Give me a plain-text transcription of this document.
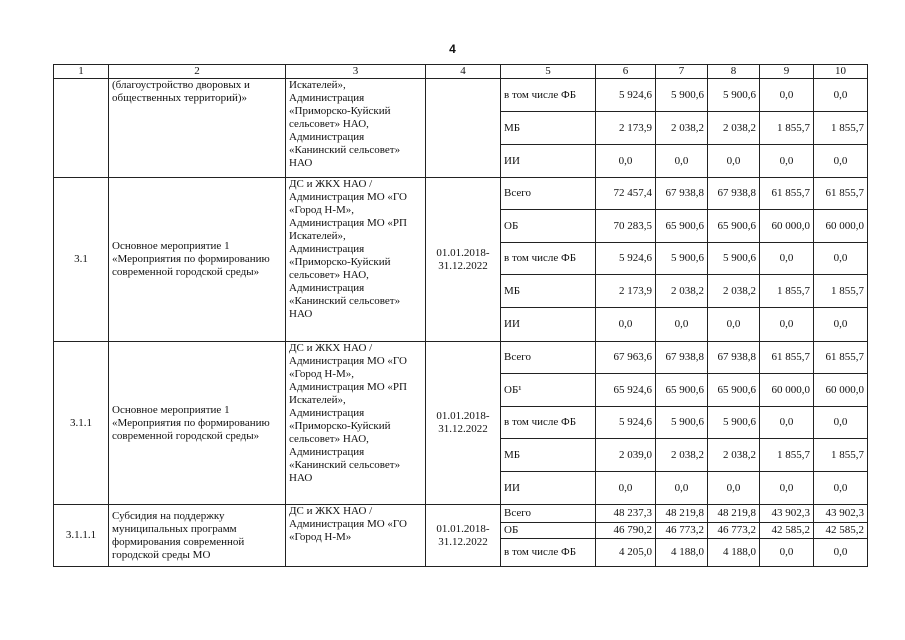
4
1	2	3	4	5	6	7	8	9	10
	(благоустройство дворовых и общественных территорий)»	Искателей», Администрация «Приморско-Куйский сельсовет» НАО, Администрация «Канинский сельсовет» НАО		в том числе ФБ	5 924,6	5 900,6	5 900,6	0,0	0,0
				МБ	2 173,9	2 038,2	2 038,2	1 855,7	1 855,7
				ИИ	0,0	0,0	0,0	0,0	0,0
3.1	Основное мероприятие 1 «Мероприятия по формированию современной городской среды»	ДС и ЖКХ НАО / Администрация МО «ГО «Город Н-М», Администрация МО «РП Искателей», Администрация «Приморско-Куйский сельсовет» НАО, Администрация «Канинский сельсовет» НАО	01.01.2018-31.12.2022	Всего	72 457,4	67 938,8	67 938,8	61 855,7	61 855,7
				ОБ	70 283,5	65 900,6	65 900,6	60 000,0	60 000,0
				в том числе ФБ	5 924,6	5 900,6	5 900,6	0,0	0,0
				МБ	2 173,9	2 038,2	2 038,2	1 855,7	1 855,7
				ИИ	0,0	0,0	0,0	0,0	0,0
3.1.1	Основное мероприятие 1 «Мероприятия по формированию современной городской среды»	ДС и ЖКХ НАО / Администрация МО «ГО «Город Н-М», Администрация МО «РП Искателей», Администрация «Приморско-Куйский сельсовет» НАО, Администрация «Канинский сельсовет» НАО	01.01.2018-31.12.2022	Всего	67 963,6	67 938,8	67 938,8	61 855,7	61 855,7
				ОБ¹	65 924,6	65 900,6	65 900,6	60 000,0	60 000,0
				в том числе ФБ	5 924,6	5 900,6	5 900,6	0,0	0,0
				МБ	2 039,0	2 038,2	2 038,2	1 855,7	1 855,7
				ИИ	0,0	0,0	0,0	0,0	0,0
3.1.1.1	Субсидия на поддержку муниципальных программ формирования современной городской среды МО	ДС и ЖКХ НАО / Администрация МО «ГО «Город Н-М»	01.01.2018-31.12.2022	Всего	48 237,3	48 219,8	48 219,8	43 902,3	43 902,3
				ОБ	46 790,2	46 773,2	46 773,2	42 585,2	42 585,2
				в том числе ФБ	4 205,0	4 188,0	4 188,0	0,0	0,0
